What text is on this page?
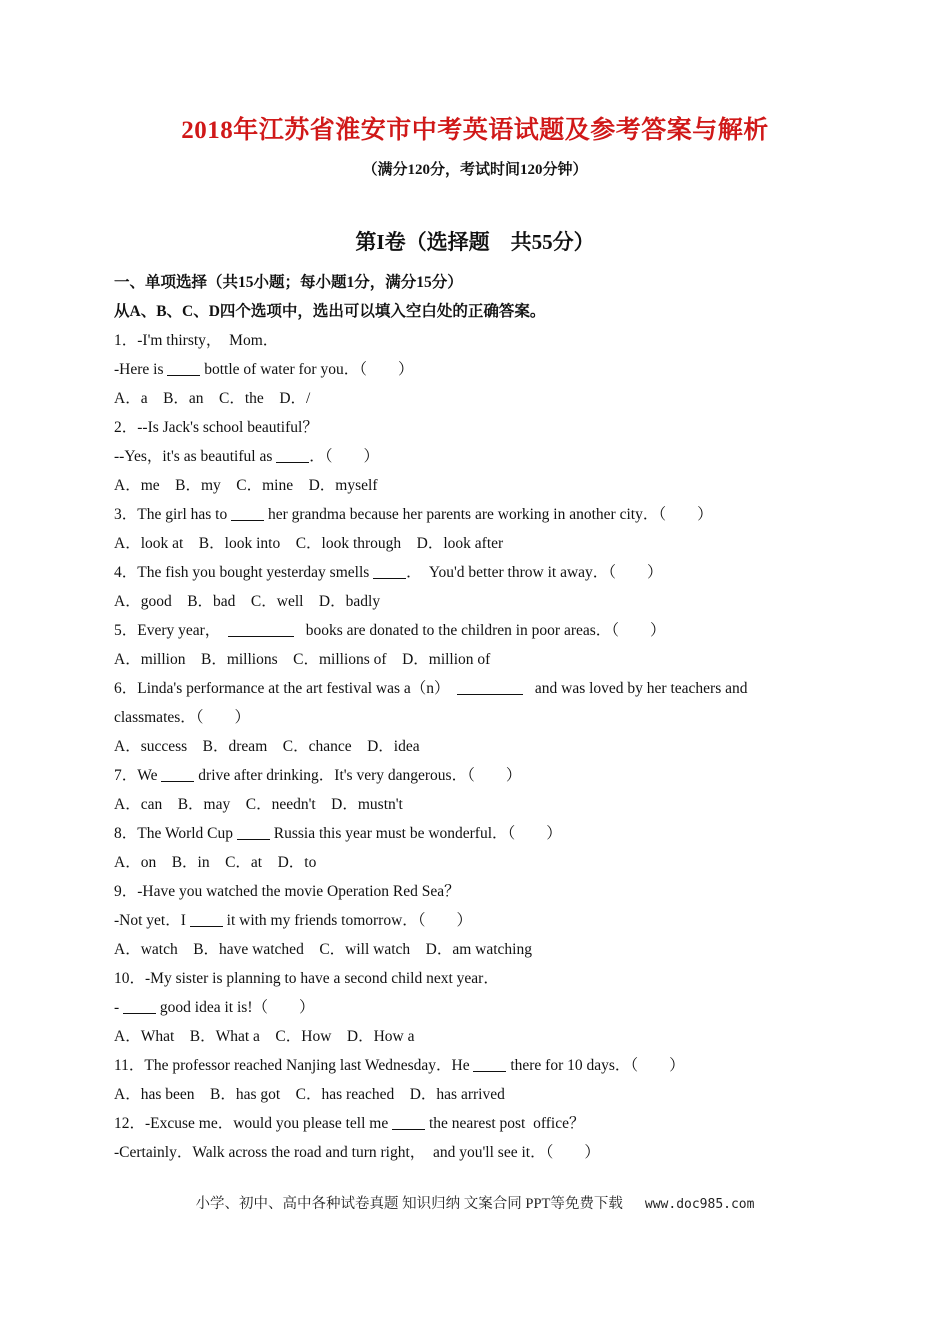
2018年江苏省淮安市中考英语试题及参考答案与解析
（满分120分，考试时间120分钟）
第I卷（选择题　共55分）
一、单项选择（共15小题；每小题1分，满分15分）
从A、B、C、D四个选项中，选出可以填入空白处的正确答案。
1．-I'm thirsty，  Mom．
-Here is  bottle of water for you．（　　）
A．a    B．an    C．the    D．/
2．--Is Jack's school beautiful？
--Yes，it's as beautiful as ．（　　）
A．me    B．my    C．mine    D．myself
3．The girl has to  her grandma because her parents are working in another city．（　　）
A．look at    B．look into    C．look through    D．look after
4．The fish you bought yesterday smells ．  You'd better throw it away．（　　）
A．good    B．bad    C．well    D．badly
5．Every year，	books are donated to the children in poor areas．（　　）
A．million    B．millions    C．millions of    D．million of
6．Linda's performance at the art festival was a（n）	and was loved by her teachers and
classmates．（　　）
A．success    B．dream    C．chance    D．idea
7．We  drive after drinking．It's very dangerous．（　　）
A．can    B．may    C．needn't    D．mustn't
8．The World Cup  Russia this year must be wonderful．（　　）
A．on    B．in    C．at    D．to
9．-Have you watched the movie Operation Red Sea？
-Not yet．I  it with my friends tomorrow．（　　）
A．watch    B．have watched    C．will watch    D．am watching
10．-My sister is planning to have a second child next year．
-  good idea it is!（　　）
A．What    B．What a    C．How    D．How a
11．The professor reached Nanjing last Wednesday．He  there for 10 days．（　　）
A．has been    B．has got    C．has reached    D．has arrived
12．-Excuse me．would you please tell me  the nearest post  office？
-Certainly．Walk across the road and turn right，  and you'll see it．（　　）
小学、初中、高中各种试卷真题 知识归纳 文案合同 PPT等免费下载 www.doc985.com
